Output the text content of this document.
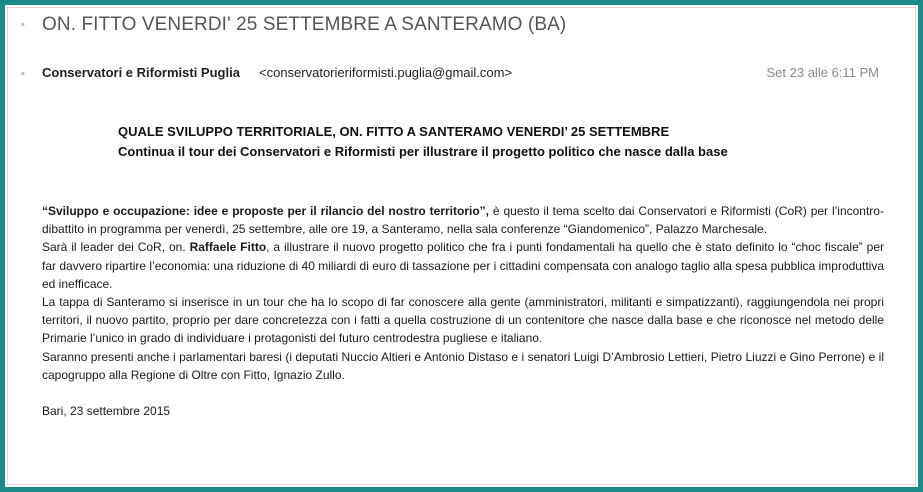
▪ ON. FITTO VENERDI' 25 SETTEMBRE A SANTERAMO (BA)
▪	Conservatori e Riformisti Puglia <conservatorieriformisti.puglia@gmail.com>	Set 23 alle 6:11 PM
QUALE SVILUPPO TERRITORIALE, ON. FITTO A SANTERAMO VENERDI’ 25 SETTEMBRE
Continua il tour dei Conservatori e Riformisti per illustrare il progetto politico che nasce dalla base

“Sviluppo e occupazione: idee e proposte per il rilancio del nostro territorio”, è questo il tema scelto dai Conservatori e Riformisti (CoR) per l’incontro-dibattito in programma per venerdì, 25 settembre, alle ore 19, a Santeramo, nella sala conferenze “Giandomenico”, Palazzo Marchesale.

Sarà il leader dei CoR, on. Raffaele Fitto, a illustrare il nuovo progetto politico che fra i punti fondamentali ha quello che è stato definito lo “choc fiscale” per far davvero ripartire l’economia: una riduzione di 40 miliardi di euro di tassazione per i cittadini compensata con analogo taglio alla spesa pubblica improduttiva ed inefficace.

La tappa di Santeramo si inserisce in un tour che ha lo scopo di far conoscere alla gente (amministratori, militanti e simpatizzanti), raggiungendola nei propri territori, il nuovo partito, proprio per dare concretezza con i fatti a quella costruzione di un contenitore che nasce dalla base e che riconosce nel metodo delle Primarie l’unico in grado di individuare i protagonisti del futuro centrodestra pugliese e italiano.

Saranno presenti anche i parlamentari baresi (i deputati Nuccio Altieri e Antonio Distaso e i senatori Luigi D’Ambrosio Lettieri, Pietro Liuzzi e Gino Perrone) e il capogruppo alla Regione di Oltre con Fitto, Ignazio Zullo.

Bari, 23 settembre 2015
